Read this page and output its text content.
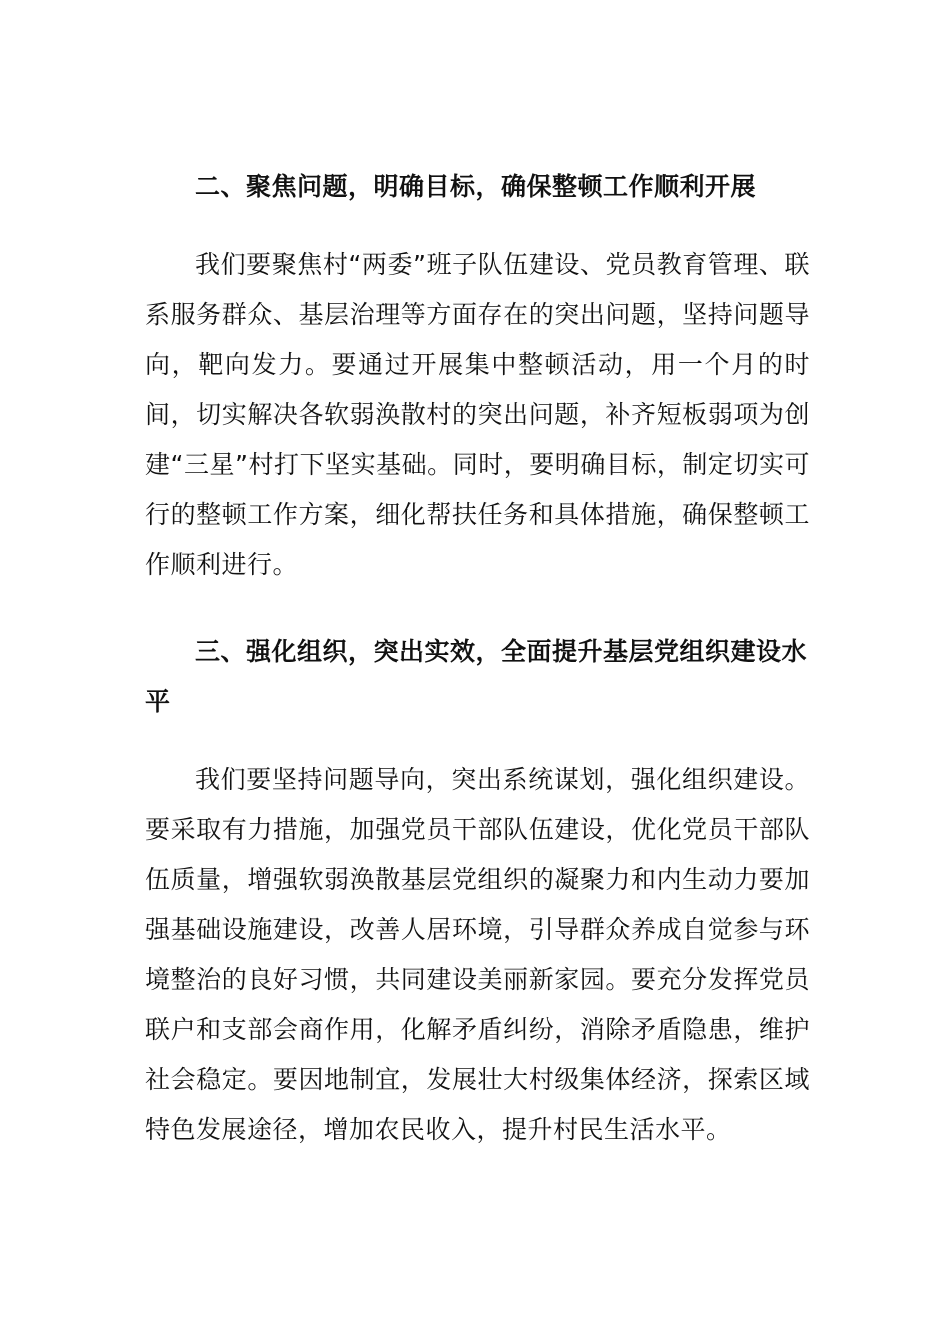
二、聚焦问题，明确目标，确保整顿工作顺利开展

我们要聚焦村“两委”班子队伍建设、党员教育管理、联系服务群众、基层治理等方面存在的突出问题，坚持问题导向，靶向发力。要通过开展集中整顿活动，用一个月的时间，切实解决各软弱涣散村的突出问题，补齐短板弱项为创建“三星”村打下坚实基础。同时，要明确目标，制定切实可行的整顿工作方案，细化帮扶任务和具体措施，确保整顿工作顺利进行。

三、强化组织，突出实效，全面提升基层党组织建设水平

我们要坚持问题导向，突出系统谋划，强化组织建设。要采取有力措施，加强党员干部队伍建设，优化党员干部队伍质量，增强软弱涣散基层党组织的凝聚力和内生动力要加强基础设施建设，改善人居环境，引导群众养成自觉参与环境整治的良好习惯，共同建设美丽新家园。要充分发挥党员联户和支部会商作用，化解矛盾纠纷，消除矛盾隐患，维护社会稳定。要因地制宜，发展壮大村级集体经济，探索区域特色发展途径，增加农民收入，提升村民生活水平。
